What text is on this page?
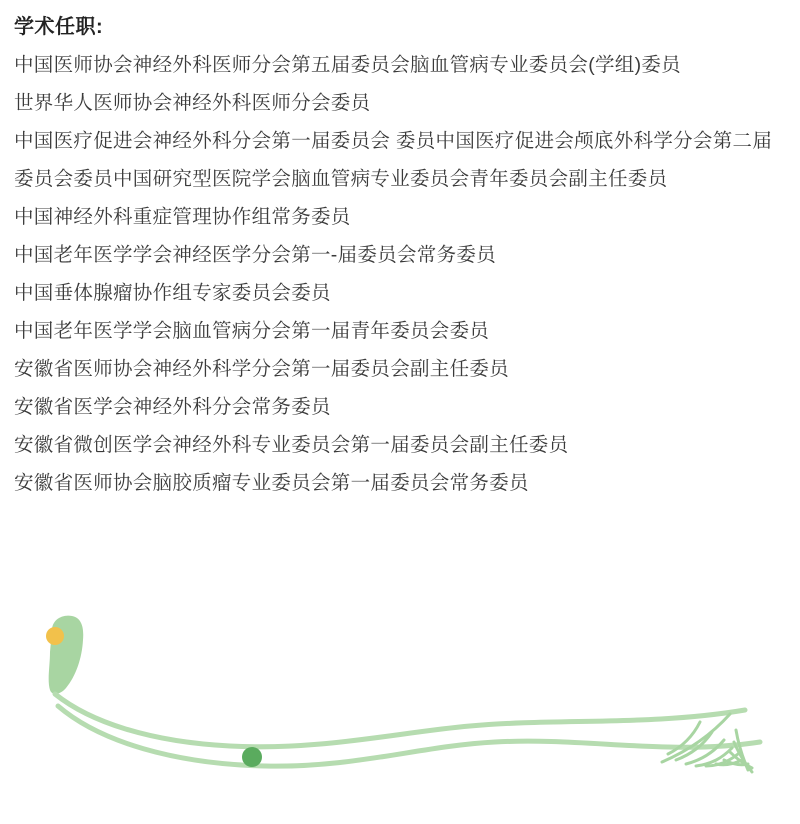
学术任职:
中国医师协会神经外科医师分会第五届委员会脑血管病专业委员会(学组)委员
世界华人医师协会神经外科医师分会委员
中国医疗促进会神经外科分会第一届委员会 委员中国医疗促进会颅底外科学分会第二届委员会委员中国研究型医院学会脑血管病专业委员会青年委员会副主任委员
中国神经外科重症管理协作组常务委员
中国老年医学学会神经医学分会第一-届委员会常务委员
中国垂体腺瘤协作组专家委员会委员
中国老年医学学会脑血管病分会第一届青年委员会委员
安徽省医师协会神经外科学分会第一届委员会副主任委员
安徽省医学会神经外科分会常务委员
安徽省微创医学会神经外科专业委员会第一届委员会副主任委员
安徽省医师协会脑胶质瘤专业委员会第一届委员会常务委员
